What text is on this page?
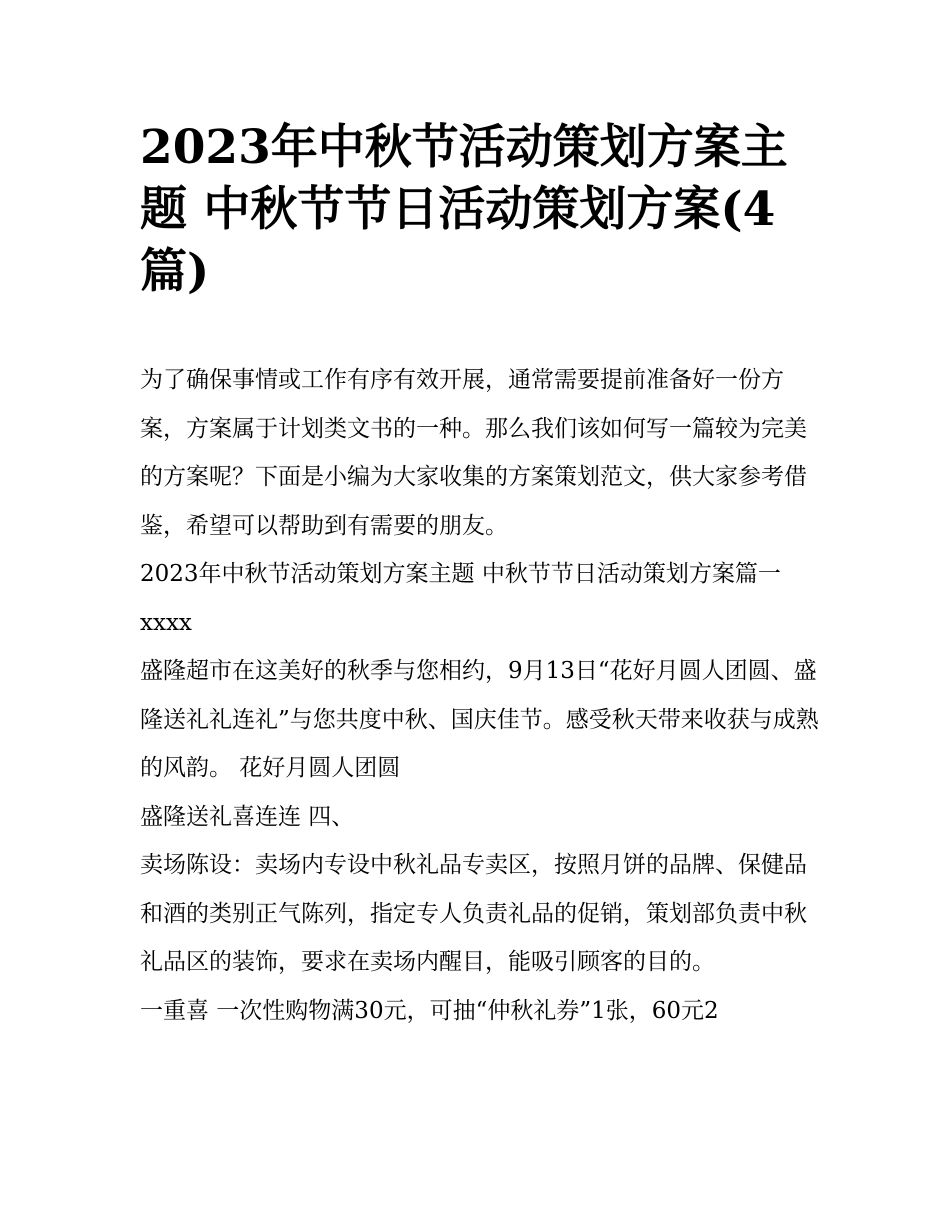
2023年中秋节活动策划方案主题 中秋节节日活动策划方案(4篇)

为了确保事情或工作有序有效开展，通常需要提前准备好一份方案，方案属于计划类文书的一种。那么我们该如何写一篇较为完美的方案呢？下面是小编为大家收集的方案策划范文，供大家参考借鉴，希望可以帮助到有需要的朋友。

2023年中秋节活动策划方案主题 中秋节节日活动策划方案篇一 xxxx

盛隆超市在这美好的秋季与您相约，9月13日“花好月圆人团圆、盛隆送礼礼连礼”与您共度中秋、国庆佳节。感受秋天带来收获与成熟的风韵。 花好月圆人团圆

盛隆送礼喜连连 四、

卖场陈设：卖场内专设中秋礼品专卖区，按照月饼的品牌、保健品和酒的类别正气陈列，指定专人负责礼品的促销，策划部负责中秋礼品区的装饰，要求在卖场内醒目，能吸引顾客的目的。

一重喜 一次性购物满30元，可抽“仲秋礼券”1张，60元2
